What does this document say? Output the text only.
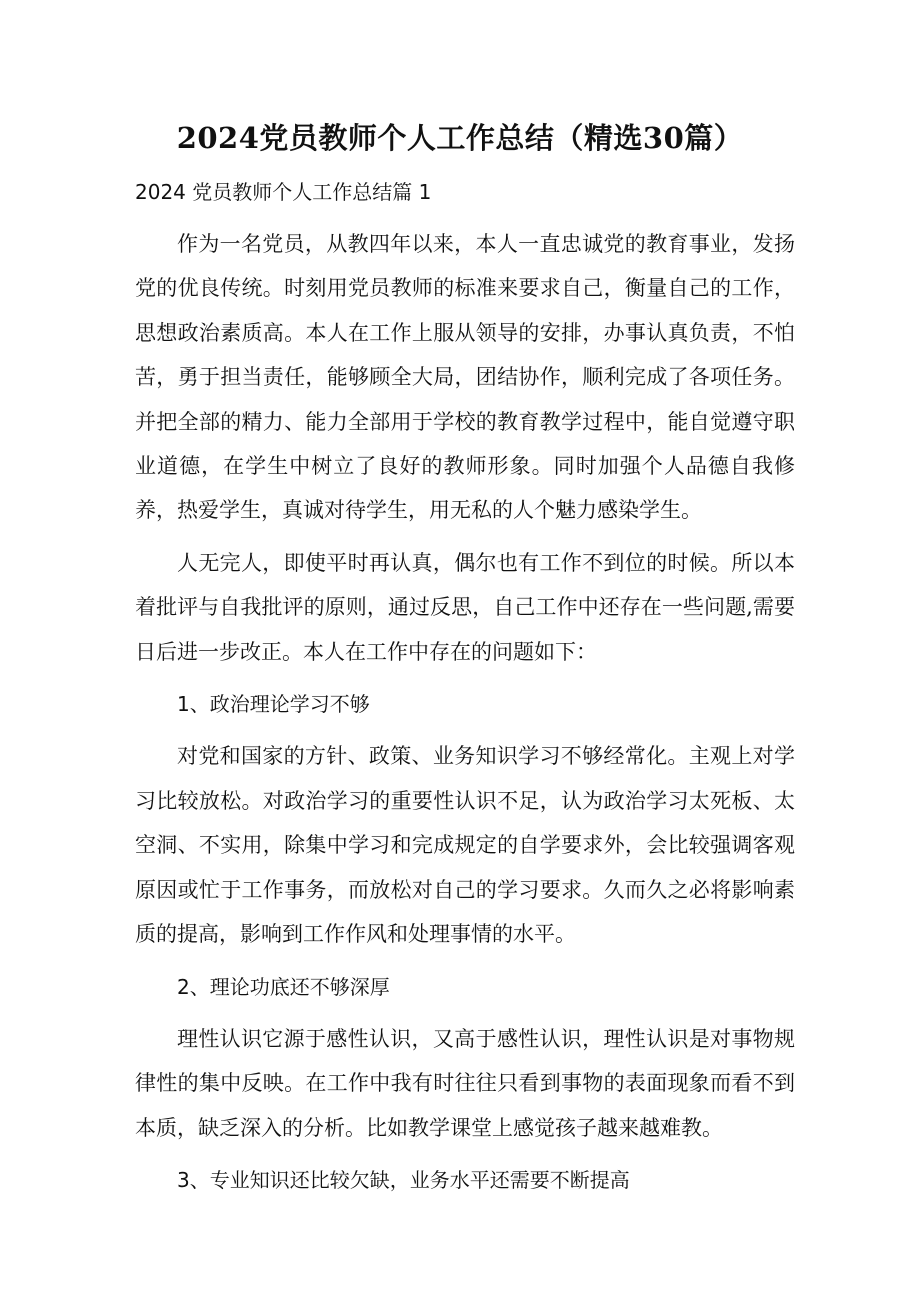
2024党员教师个人工作总结（精选30篇）
2024 党员教师个人工作总结篇 1

作为一名党员，从教四年以来，本人一直忠诚党的教育事业，发扬党的优良传统。时刻用党员教师的标准来要求自己，衡量自己的工作，思想政治素质高。本人在工作上服从领导的安排，办事认真负责，不怕苦，勇于担当责任，能够顾全大局，团结协作，顺利完成了各项任务。并把全部的精力、能力全部用于学校的教育教学过程中，能自觉遵守职业道德，在学生中树立了良好的教师形象。同时加强个人品德自我修养，热爱学生，真诚对待学生，用无私的人个魅力感染学生。

人无完人，即使平时再认真，偶尔也有工作不到位的时候。所以本着批评与自我批评的原则，通过反思，自己工作中还存在一些问题,需要日后进一步改正。本人在工作中存在的问题如下：

1、政治理论学习不够

对党和国家的方针、政策、业务知识学习不够经常化。主观上对学习比较放松。对政治学习的重要性认识不足，认为政治学习太死板、太空洞、不实用，除集中学习和完成规定的自学要求外，会比较强调客观原因或忙于工作事务，而放松对自己的学习要求。久而久之必将影响素质的提高，影响到工作作风和处理事情的水平。

2、理论功底还不够深厚

理性认识它源于感性认识，又高于感性认识，理性认识是对事物规律性的集中反映。在工作中我有时往往只看到事物的表面现象而看不到本质，缺乏深入的分析。比如教学课堂上感觉孩子越来越难教。

3、专业知识还比较欠缺，业务水平还需要不断提高
